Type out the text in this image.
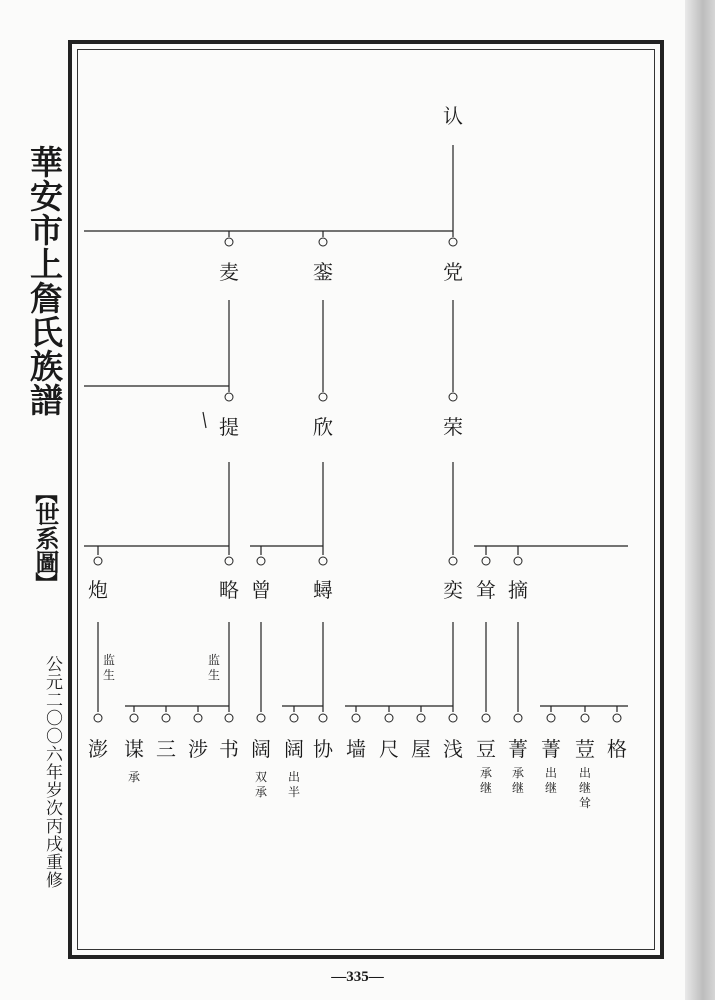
華安市上詹氏族譜
【
世系圖
】
公元二〇〇六年岁次丙戌重修
认
麦	銮	党
提	欣	荣
炮	略 曾 蟳	奕 耸 摘
监生
监生
澎 谋
承
三 涉 书 阔
双承
阔
出半
协 墙 尺 屋 浅 豆
承继
菁
承继
菁
出继
荳
出继耸
格
—335—
